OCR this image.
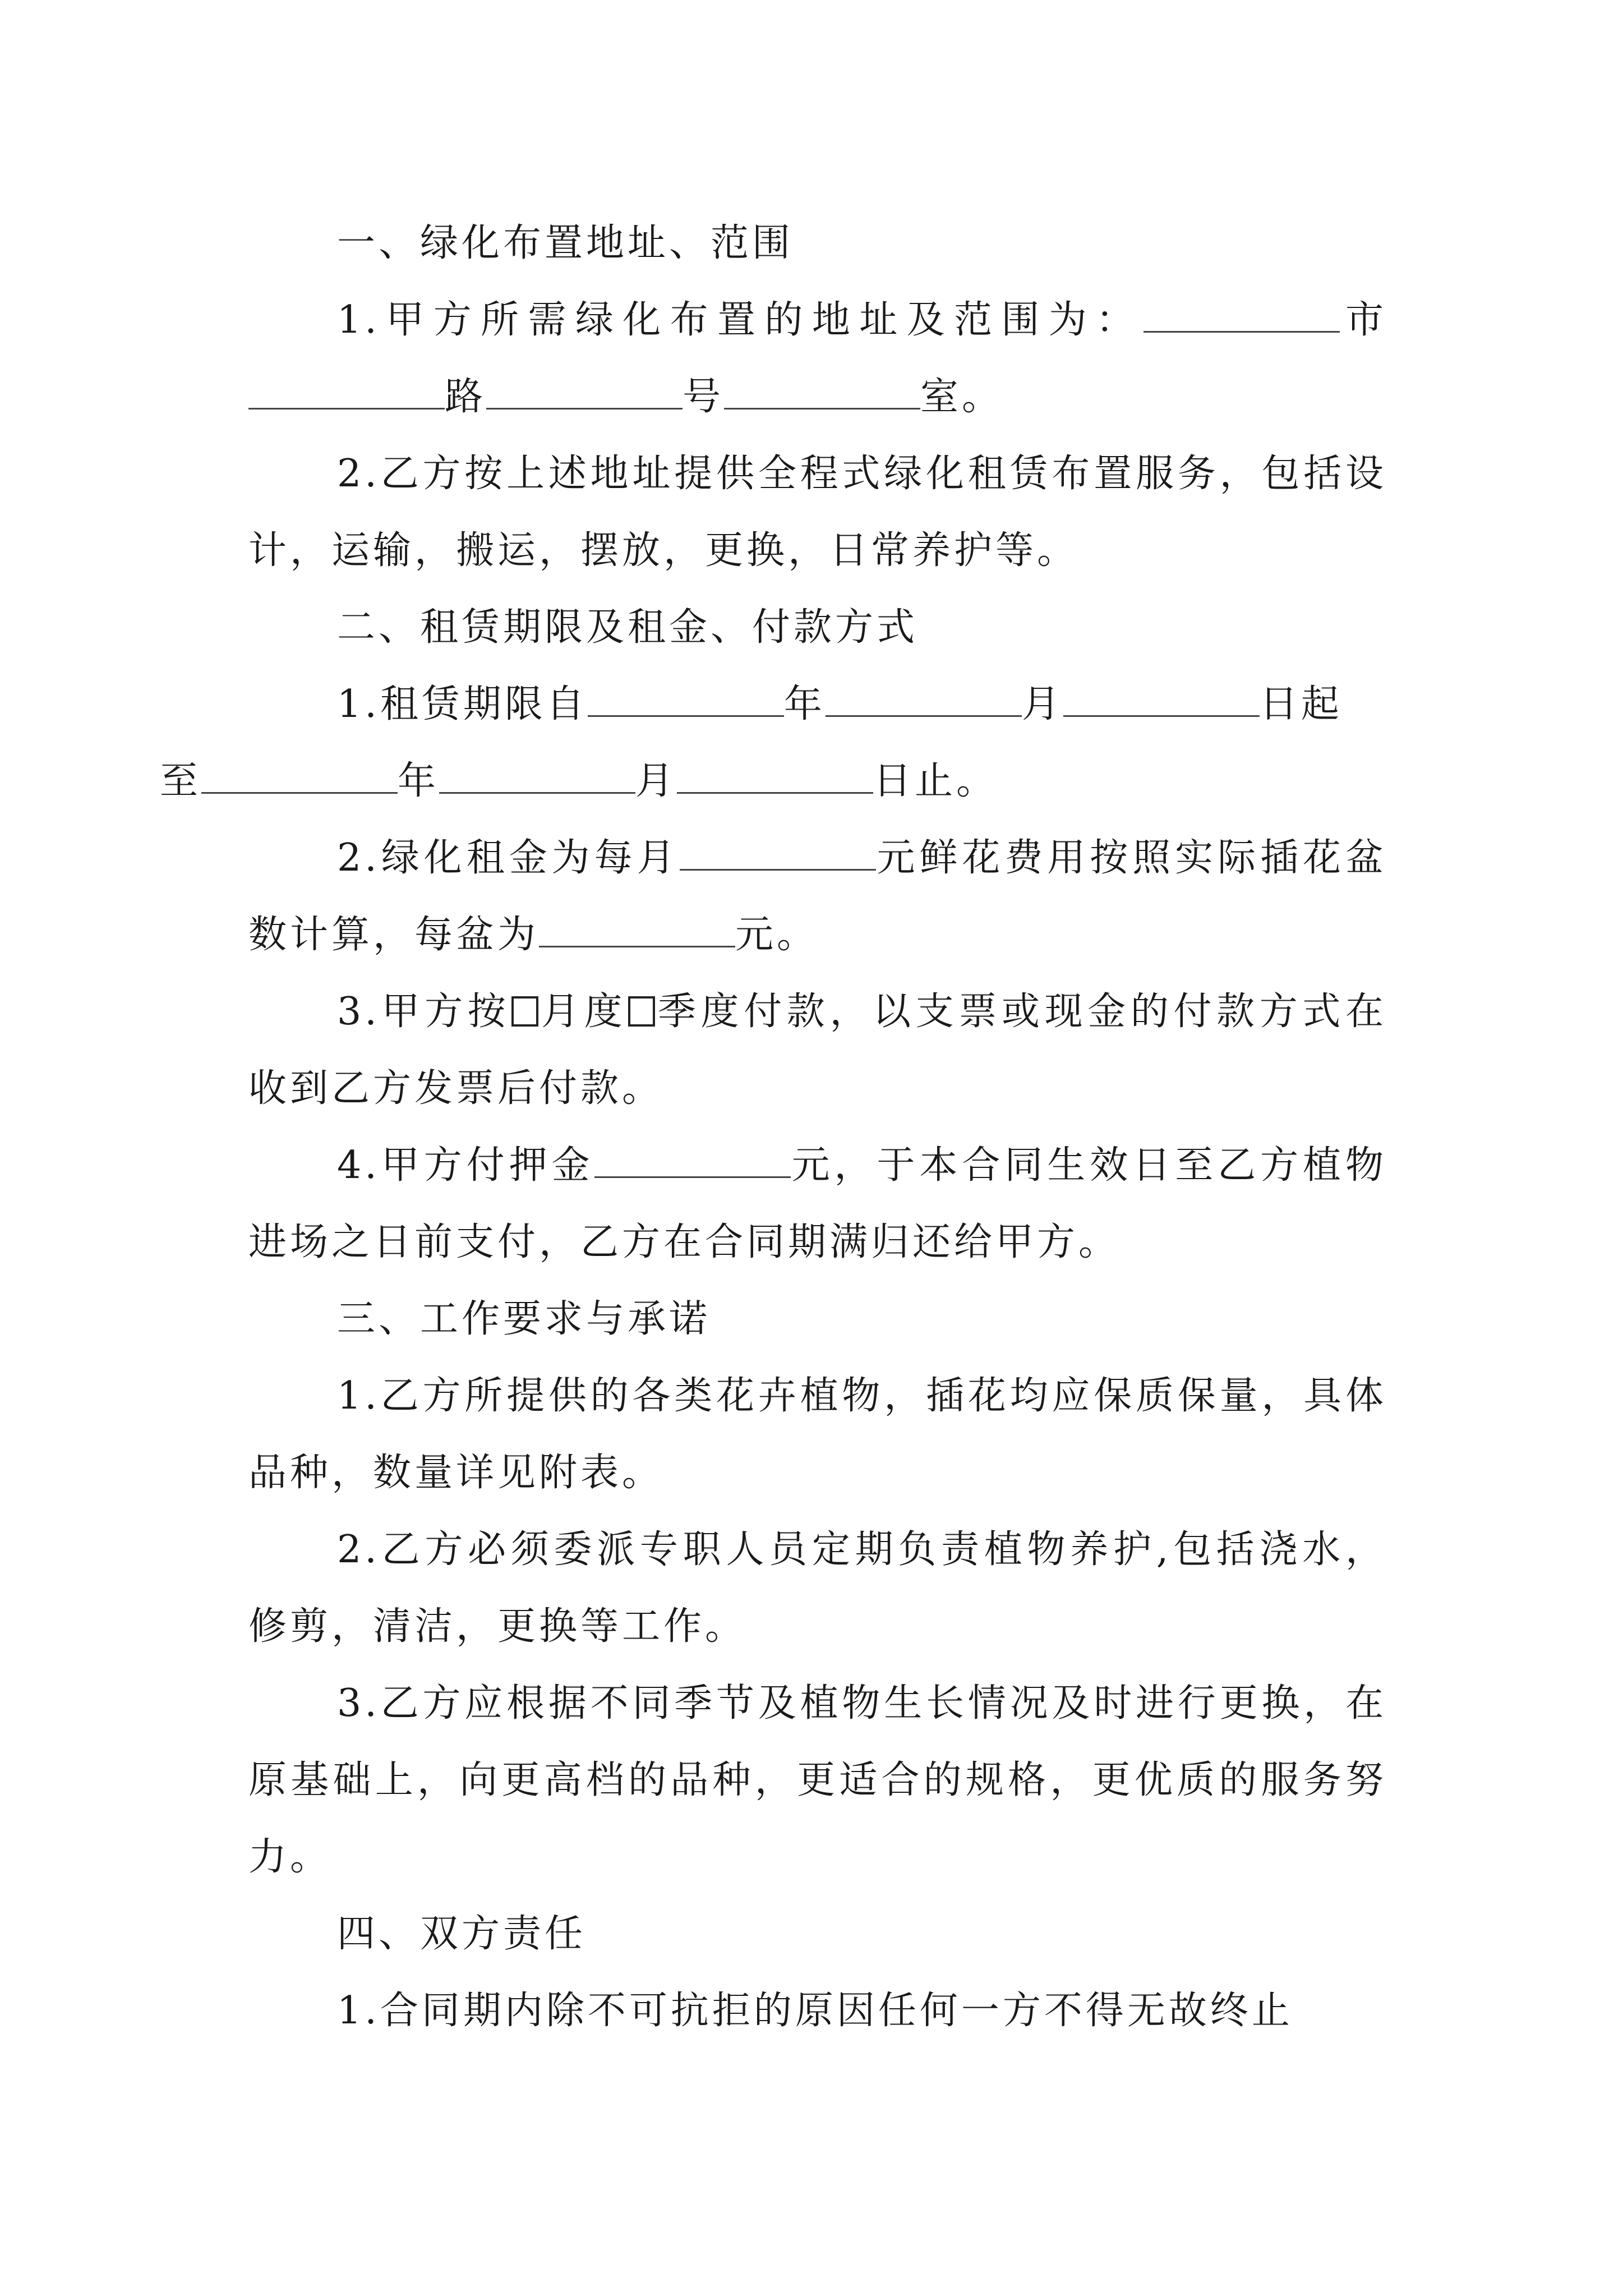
一、绿化布置地址、范围

1.甲方所需绿化布置的地址及范围为：	市路	号	室。

2.乙方按上述地址提供全程式绿化租赁布置服务，包括设计，运输，搬运，摆放，更换，日常养护等。

二、租赁期限及租金、付款方式

1.租赁期限自	年	月	日起
至	年	月	日止。

2.绿化租金为每月	元鲜花费用按照实际插花盆数计算，每盆为	元。

3.甲方按 月度 季度付款，以支票或现金的付款方式在收到乙方发票后付款。

4.甲方付押金	元，于本合同生效日至乙方植物进场之日前支付，乙方在合同期满归还给甲方。

三、工作要求与承诺

1.乙方所提供的各类花卉植物，插花均应保质保量，具体品种，数量详见附表。

2.乙方必须委派专职人员定期负责植物养护,包括浇水，修剪，清洁，更换等工作。

3.乙方应根据不同季节及植物生长情况及时进行更换，在原基础上，向更高档的品种，更适合的规格，更优质的服务努力。

四、双方责任

1.合同期内除不可抗拒的原因任何一方不得无故终止
